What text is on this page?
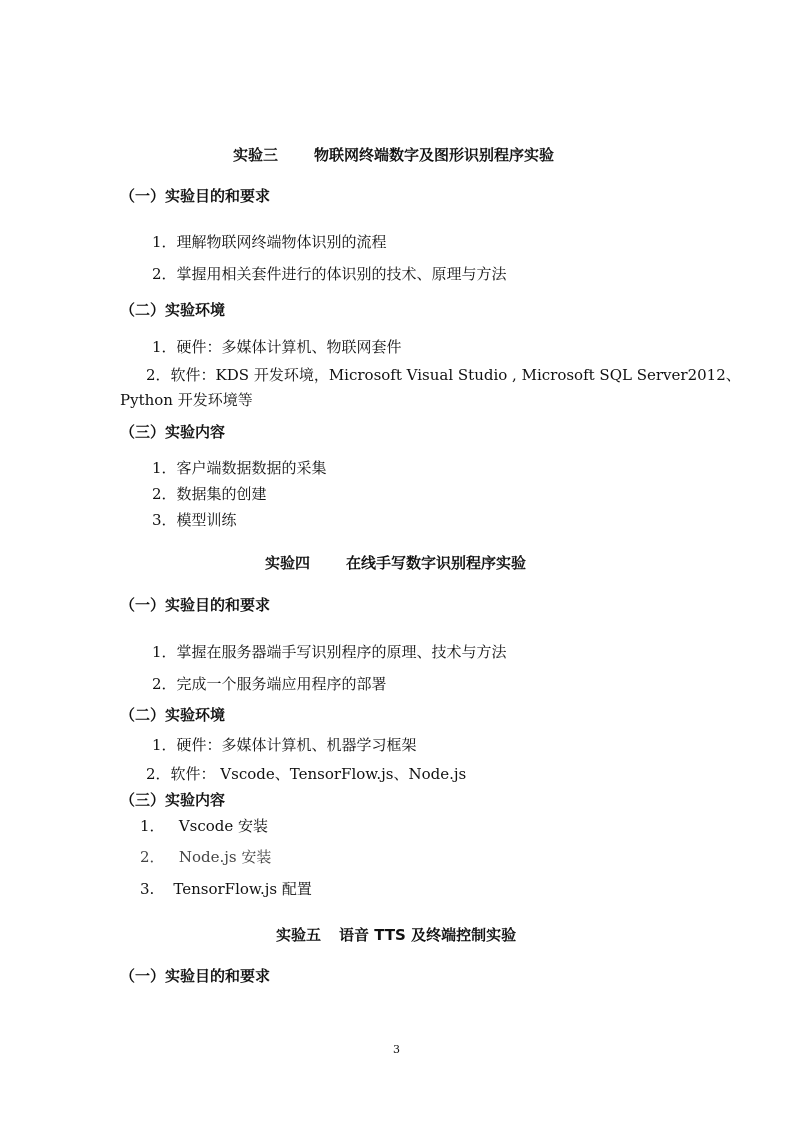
实验三 物联网终端数字及图形识别程序实验
（一）实验目的和要求
1．理解物联网终端物体识别的流程
2．掌握用相关套件进行的体识别的技术、原理与方法
（二）实验环境
1．硬件：多媒体计算机、物联网套件
2．软件：KDS 开发环境，Microsoft Visual Studio , Microsoft SQL Server2012、
Python 开发环境等
（三）实验内容
1．客户端数据数据的采集
2．数据集的创建
3．模型训练
实验四 在线手写数字识别程序实验
（一）实验目的和要求
1．掌握在服务器端手写识别程序的原理、技术与方法
2．完成一个服务端应用程序的部署
（二）实验环境
1．硬件：多媒体计算机、机器学习框架
2．软件： Vscode、TensorFlow.js、Node.js
（三）实验内容
1．   Vscode 安装
2．   Node.js 安装
3.    TensorFlow.js 配置
实验五 语音 TTS 及终端控制实验
（一）实验目的和要求
3
